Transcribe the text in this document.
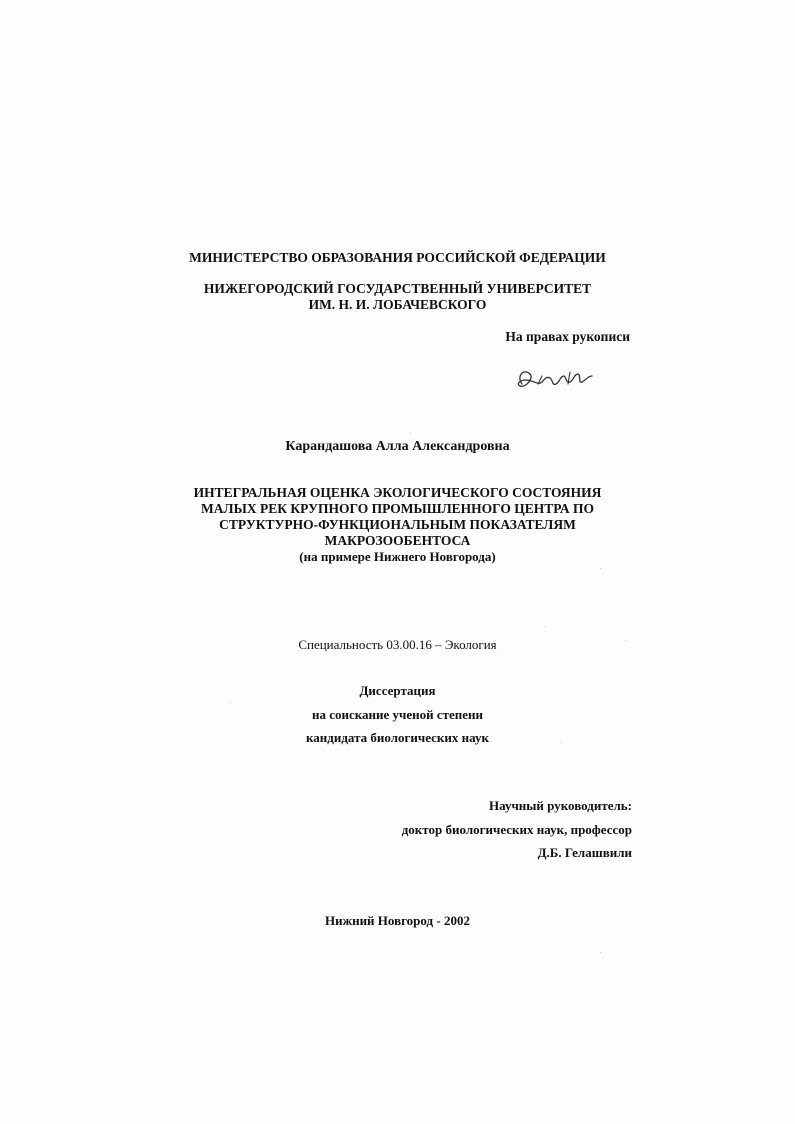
МИНИСТЕРСТВО ОБРАЗОВАНИЯ РОССИЙСКОЙ ФЕДЕРАЦИИ
НИЖЕГОРОДСКИЙ ГОСУДАРСТВЕННЫЙ УНИВЕРСИТЕТ
ИМ. Н. И. ЛОБАЧЕВСКОГО
На правах рукописи
Карандашова Алла Александровна
ИНТЕГРАЛЬНАЯ ОЦЕНКА ЭКОЛОГИЧЕСКОГО СОСТОЯНИЯ
МАЛЫХ РЕК КРУПНОГО ПРОМЫШЛЕННОГО ЦЕНТРА ПО
СТРУКТУРНО-ФУНКЦИОНАЛЬНЫМ ПОКАЗАТЕЛЯМ
МАКРОЗООБЕНТОСА
(на примере Нижнего Новгорода)
Специальность 03.00.16 – Экология
Диссертация
на соискание ученой степени
кандидата биологических наук
Научный руководитель:
доктор биологических наук, профессор
Д.Б. Гелашвили
Нижний Новгород - 2002
